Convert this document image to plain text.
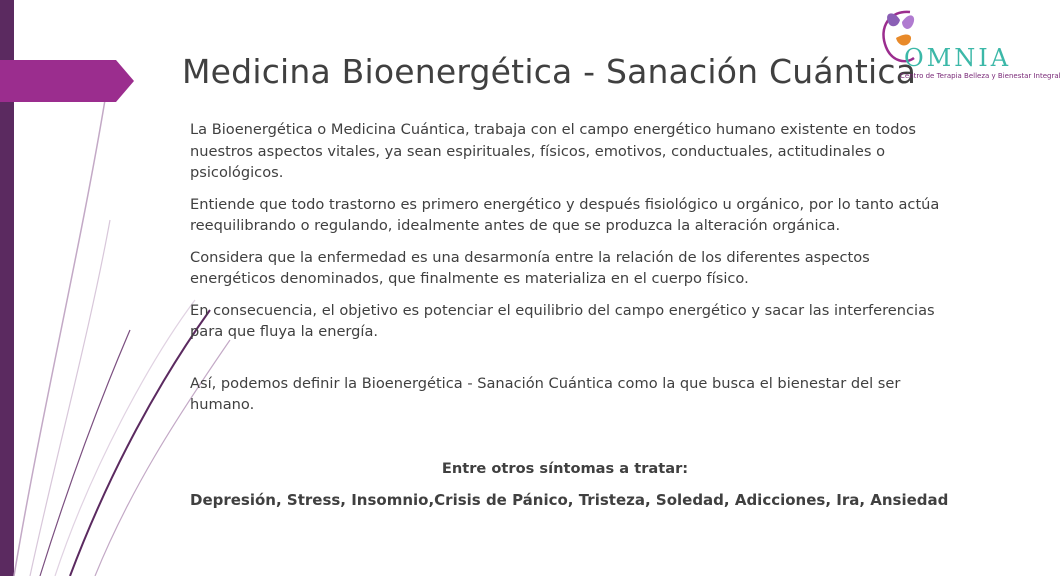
Medicina Bioenergética - Sanación Cuántica
OMNIA
Centro de Terapia Belleza y Bienestar Integral

La Bioenergética o Medicina Cuántica, trabaja con el campo energético humano existente en todos nuestros aspectos vitales, ya sean espirituales, físicos, emotivos, conductuales, actitudinales o psicológicos.

Entiende que todo trastorno es primero energético y después fisiológico u orgánico, por lo tanto actúa reequilibrando o regulando, idealmente antes de que se produzca la alteración orgánica.

Considera que la enfermedad es una desarmonía entre la relación de los diferentes aspectos energéticos denominados, que finalmente es materializa en el cuerpo físico.

En consecuencia, el objetivo es potenciar el equilibrio del campo energético y sacar las interferencias para que fluya la energía.

Así, podemos definir la Bioenergética - Sanación Cuántica como la que busca el bienestar del ser humano.

Entre otros síntomas a tratar:
Depresión, Stress, Insomnio,Crisis de Pánico, Tristeza, Soledad, Adicciones, Ira, Ansiedad
